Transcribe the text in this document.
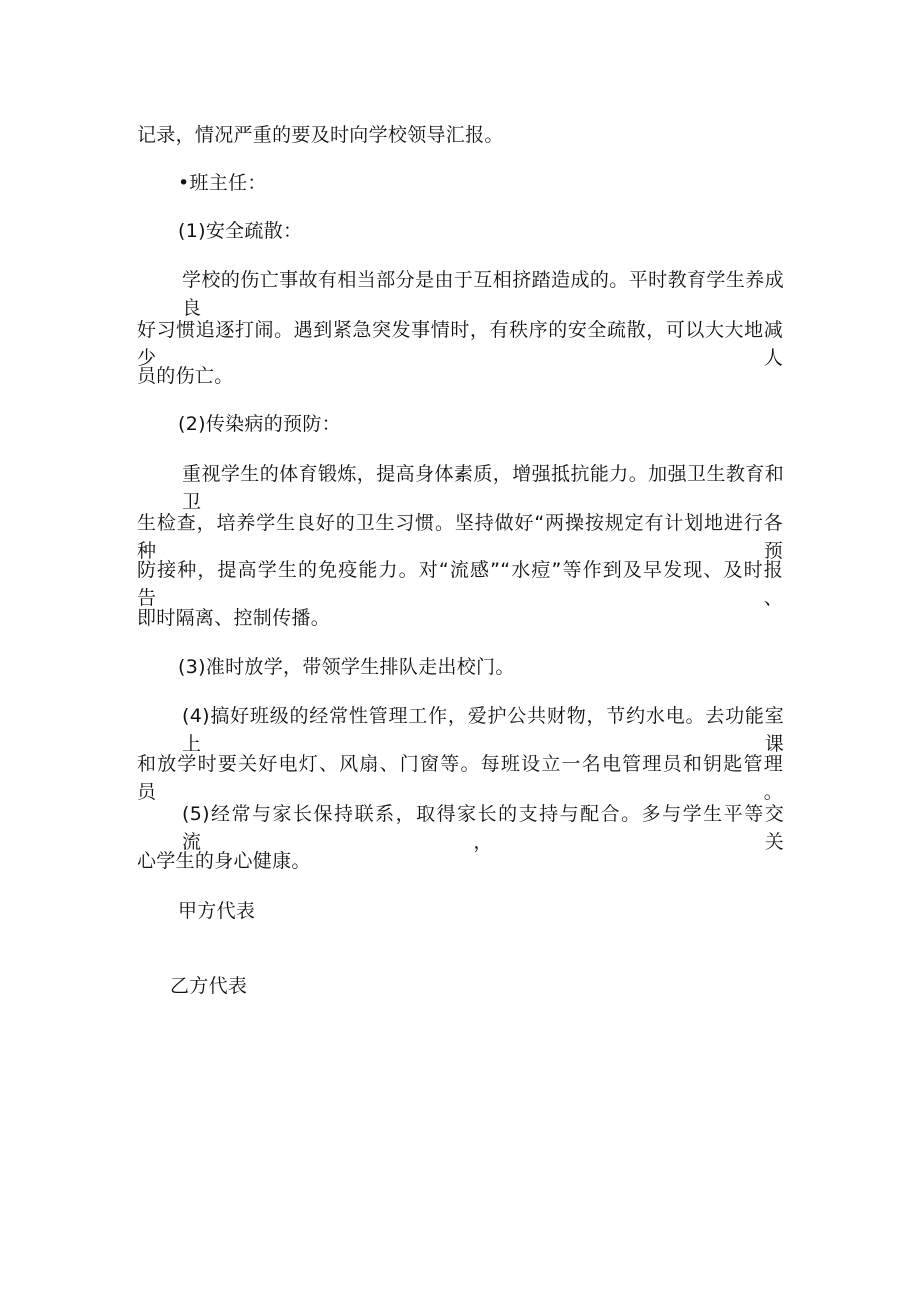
记录，情况严重的要及时向学校领导汇报。

•班主任：

(1)安全疏散：

学校的伤亡事故有相当部分是由于互相挤踏造成的。平时教育学生养成良

好习惯追逐打闹。遇到紧急突发事情时，有秩序的安全疏散，可以大大地减少人

员的伤亡。

(2)传染病的预防：

重视学生的体育锻炼，提高身体素质，增强抵抗能力。加强卫生教育和卫

生检查，培养学生良好的卫生习惯。坚持做好“两操按规定有计划地进行各种预

防接种，提高学生的免疫能力。对“流感”“水痘”等作到及早发现、及时报告、

即时隔离、控制传播。

(3)准时放学，带领学生排队走出校门。

(4)搞好班级的经常性管理工作，爱护公共财物，节约水电。去功能室上课

和放学时要关好电灯、风扇、门窗等。每班设立一名电管理员和钥匙管理员。

(5)经常与家长保持联系，取得家长的支持与配合。多与学生平等交流，关

心学生的身心健康。

甲方代表

乙方代表
